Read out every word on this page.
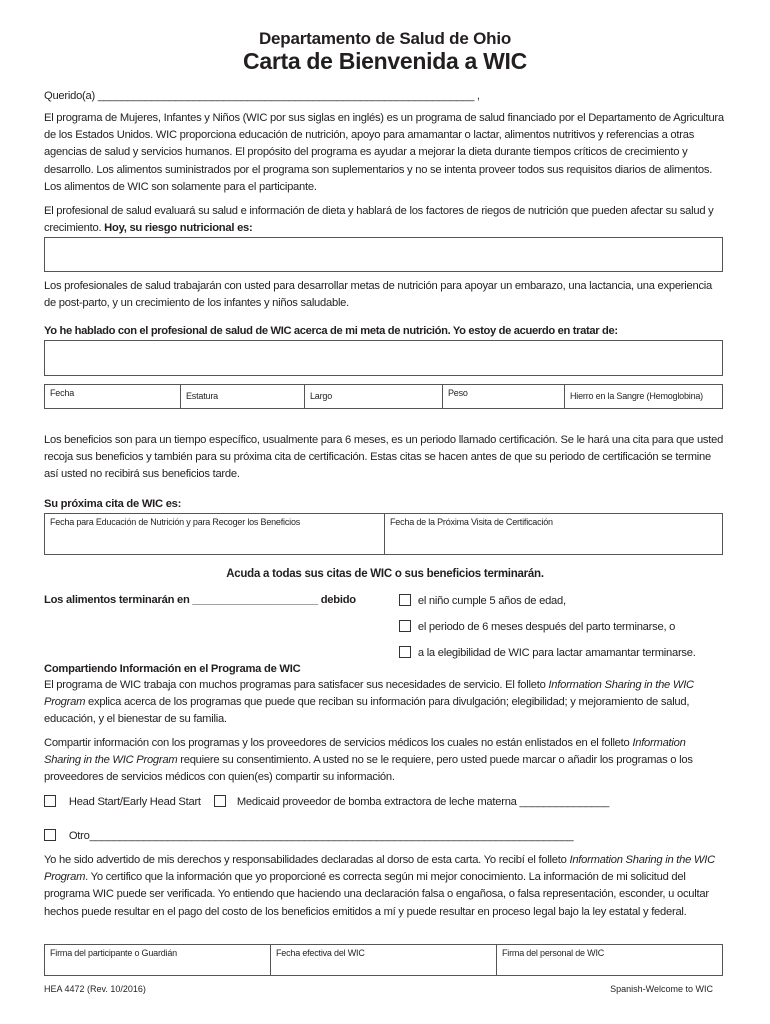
Departamento de Salud de Ohio
Carta de Bienvenida a WIC
Querido(a) _______________________________________________________________ ,
El programa de Mujeres, Infantes y Niños (WIC por sus siglas en inglés) es un programa de salud financiado por el Departamento de Agricultura de los Estados Unidos. WIC proporciona educación de nutrición, apoyo para amamantar o lactar, alimentos nutritivos y referencias a otras agencias de salud y servicios humanos. El propósito del programa es ayudar a mejorar la dieta durante tiempos críticos de crecimiento y desarrollo. Los alimentos suministrados por el programa son suplementarios y no se intenta proveer todos sus requisitos diarios de alimentos. Los alimentos de WIC son solamente para el participante.
El profesional de salud evaluará su salud e información de dieta y hablará de los factores de riegos de nutrición que pueden afectar su salud y crecimiento. Hoy, su riesgo nutricional es:
Los profesionales de salud trabajarán con usted para desarrollar metas de nutrición para apoyar un embarazo, una lactancia, una experiencia de post-parto, y un crecimiento de los infantes y niños saludable.
Yo he hablado con el profesional de salud de WIC acerca de mi meta de nutrición. Yo estoy de acuerdo en tratar de:
Fecha	Estatura	Largo	Peso	Hierro en la Sangre (Hemoglobina)
Los beneficios son para un tiempo específico, usualmente para 6 meses, es un periodo llamado certificación. Se le hará una cita para que usted recoja sus beneficios y también para su próxima cita de certificación. Estas citas se hacen antes de que su periodo de certificación se termine así usted no recibirá sus beneficios tarde.
Su próxima cita de WIC es:
Fecha para Educación de Nutrición y para Recoger los Beneficios	Fecha de la Próxima Visita de Certificación
Acuda a todas sus citas de WIC o sus beneficios terminarán.
Los alimentos terminarán en _____________________ debido	el niño cumple 5 años de edad,
el periodo de 6 meses después del parto terminarse, o
a la elegibilidad de WIC para lactar amamantar terminarse.
Compartiendo Información en el Programa de WIC
El programa de WIC trabaja con muchos programas para satisfacer sus necesidades de servicio. El folleto Information Sharing in the WIC Program explica acerca de los programas que puede que reciban su información para divulgación; elegibilidad; y mejoramiento de salud, educación, y el bienestar de su familia.
Compartir información con los programas y los proveedores de servicios médicos los cuales no están enlistados en el folleto Information Sharing in the WIC Program requiere su consentimiento. A usted no se le requiere, pero usted puede marcar o añadir los programas o los proveedores de servicios médicos con quien(es) compartir su información.
Head Start/Early Head Start	Medicaid proveedor de bomba extractora de leche materna _______________
Otro_________________________________________________________________________________
Yo he sido advertido de mis derechos y responsabilidades declaradas al dorso de esta carta. Yo recibí el folleto Information Sharing in the WIC Program. Yo certifico que la información que yo proporcioné es correcta según mi mejor conocimiento. La información de mi solicitud del programa WIC puede ser verificada. Yo entiendo que haciendo una declaración falsa o engañosa, o falsa representación, esconder, u ocultar hechos puede resultar en el pago del costo de los beneficios emitidos a mí y puede resultar en proceso legal bajo la ley estatal y federal.
Firma del participante o Guardián	Fecha efectiva del WIC	Firma del personal de WIC
HEA 4472 (Rev. 10/2016)	Spanish-Welcome to WIC
